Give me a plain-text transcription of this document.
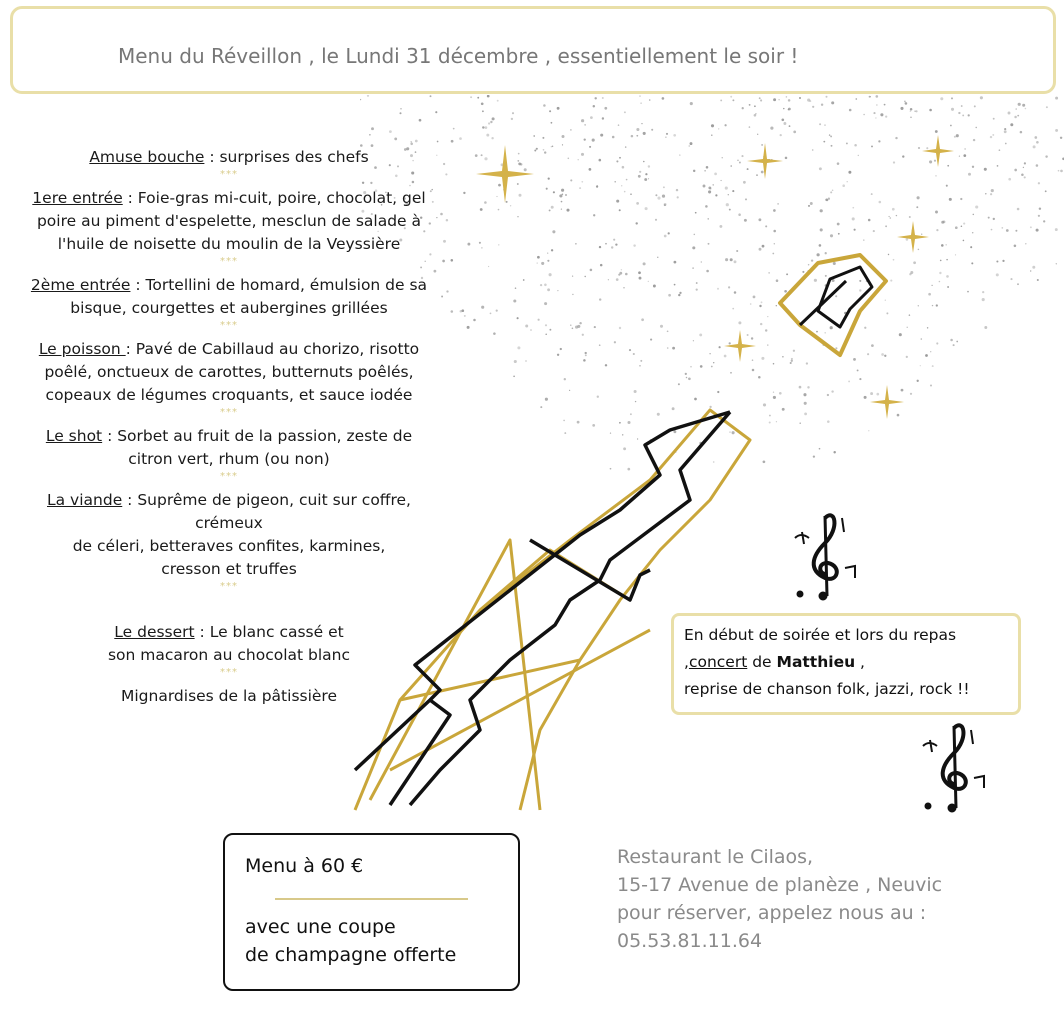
Menu du Réveillon , le Lundi 31 décembre , essentiellement le soir !
Amuse bouche : surprises des chefs
***
1ere entrée : Foie-gras mi-cuit, poire, chocolat, gel
poire au piment d'espelette, mesclun de salade à
l'huile de noisette du moulin de la Veyssière
***
2ème entrée : Tortellini de homard, émulsion de sa
bisque, courgettes et aubergines grillées
***
Le poisson : Pavé de Cabillaud au chorizo, risotto
poêlé, onctueux de carottes, butternuts poêlés,
copeaux de légumes croquants, et sauce iodée
***
Le shot : Sorbet au fruit de la passion, zeste de
citron vert, rhum (ou non)
***
La viande : Suprême de pigeon, cuit sur coffre,
crémeux
de céleri, betteraves confites, karmines,
cresson et truffes
***
Le dessert : Le blanc cassé et
son macaron au chocolat blanc
***
Mignardises de la pâtissière
En début de soirée et lors du repas
,concert de Matthieu ,
reprise de chanson folk, jazzi, rock !!
Menu à 60 €
avec une coupe
de champagne offerte
Restaurant le Cilaos,
15-17 Avenue de planèze , Neuvic
pour réserver, appelez nous au :
05.53.81.11.64
